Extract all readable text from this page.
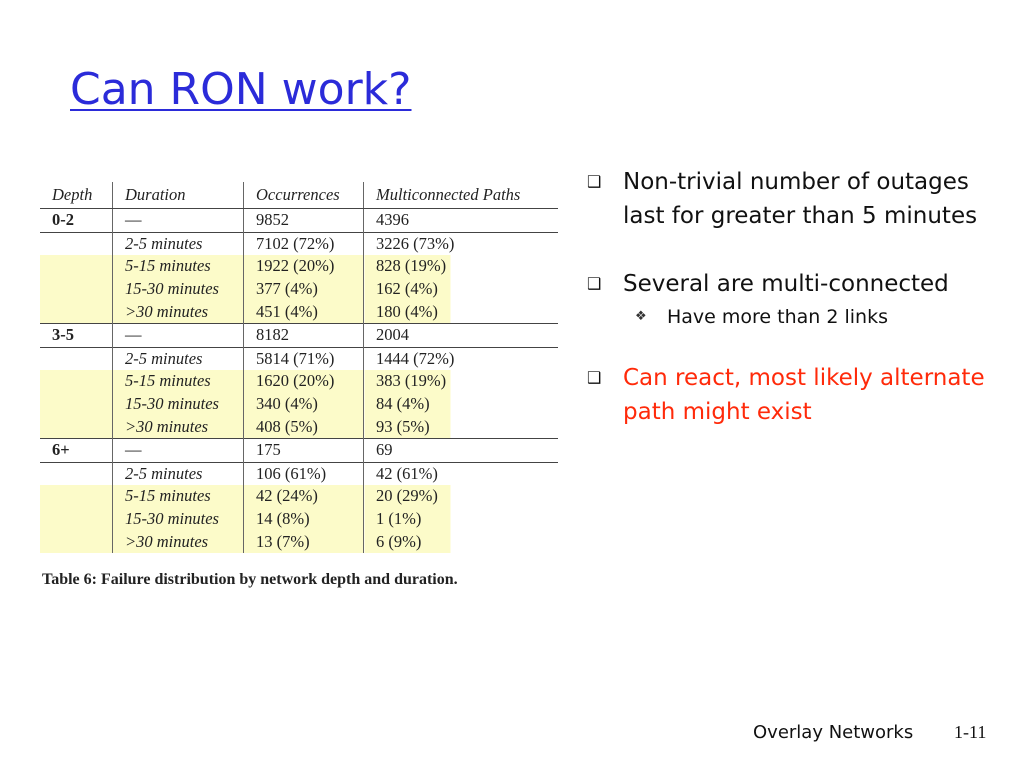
Can RON work?
Depth	Duration	Occurrences	Multiconnected Paths
0-2	—	9852	4396
	2-5 minutes	7102 (72%)	3226 (73%)
	5-15 minutes	1922 (20%)	828 (19%)
	15-30 minutes	377 (4%)	162 (4%)
	>30 minutes	451 (4%)	180 (4%)
3-5	—	8182	2004
	2-5 minutes	5814 (71%)	1444 (72%)
	5-15 minutes	1620 (20%)	383 (19%)
	15-30 minutes	340 (4%)	84 (4%)
	>30 minutes	408 (5%)	93 (5%)
6+	—	175	69
	2-5 minutes	106 (61%)	42 (61%)
	5-15 minutes	42 (24%)	20 (29%)
	15-30 minutes	14 (8%)	1 (1%)
	>30 minutes	13 (7%)	6 (9%)
Table 6: Failure distribution by network depth and duration.
❑ Non-trivial number of outages last for greater than 5 minutes
❑ Several are multi-connected
❖ Have more than 2 links
❑ Can react, most likely alternate path might exist
Overlay Networks 1-11
